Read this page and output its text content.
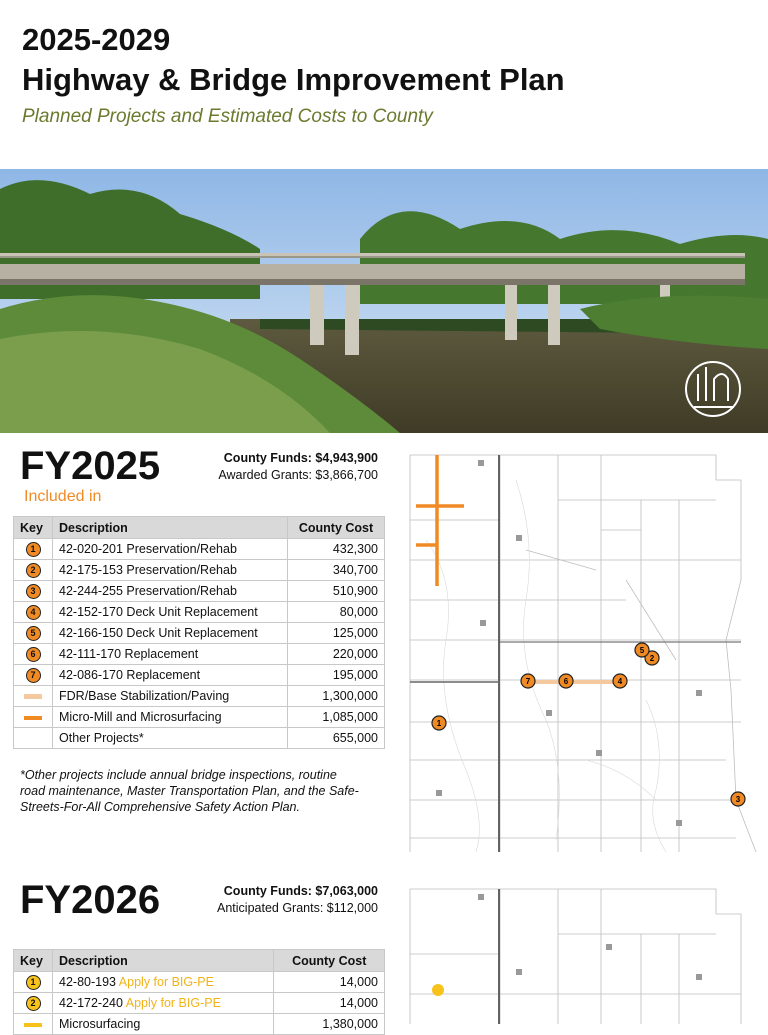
2025-2029
Highway & Bridge Improvement Plan
Planned Projects and Estimated Costs to County
FY2025	County Funds: $4,943,900
Awarded Grants: $3,866,700
Included in
Key	Description	County Cost
1	42-020-201 Preservation/Rehab	432,300
2	42-175-153 Preservation/Rehab	340,700
3	42-244-255 Preservation/Rehab	510,900
4	42-152-170 Deck Unit Replacement	80,000
5	42-166-150 Deck Unit Replacement	125,000
6	42-111-170 Replacement	220,000
7	42-086-170 Replacement	195,000
	FDR/Base Stabilization/Paving	1,300,000
	Micro-Mill and Microsurfacing	1,085,000
	Other Projects*	655,000
*Other projects include annual bridge inspections, routine road maintenance, Master Transportation Plan, and the Safe-Streets-For-All Comprehensive Safety Action Plan.
1
2
3
4
5
6
7
FY2026	County Funds: $7,063,000
Anticipated Grants: $112,000
Key	Description	County Cost
1	42-80-193 Apply for BIG-PE	14,000
2	42-172-240 Apply for BIG-PE	14,000
	Microsurfacing	1,380,000
